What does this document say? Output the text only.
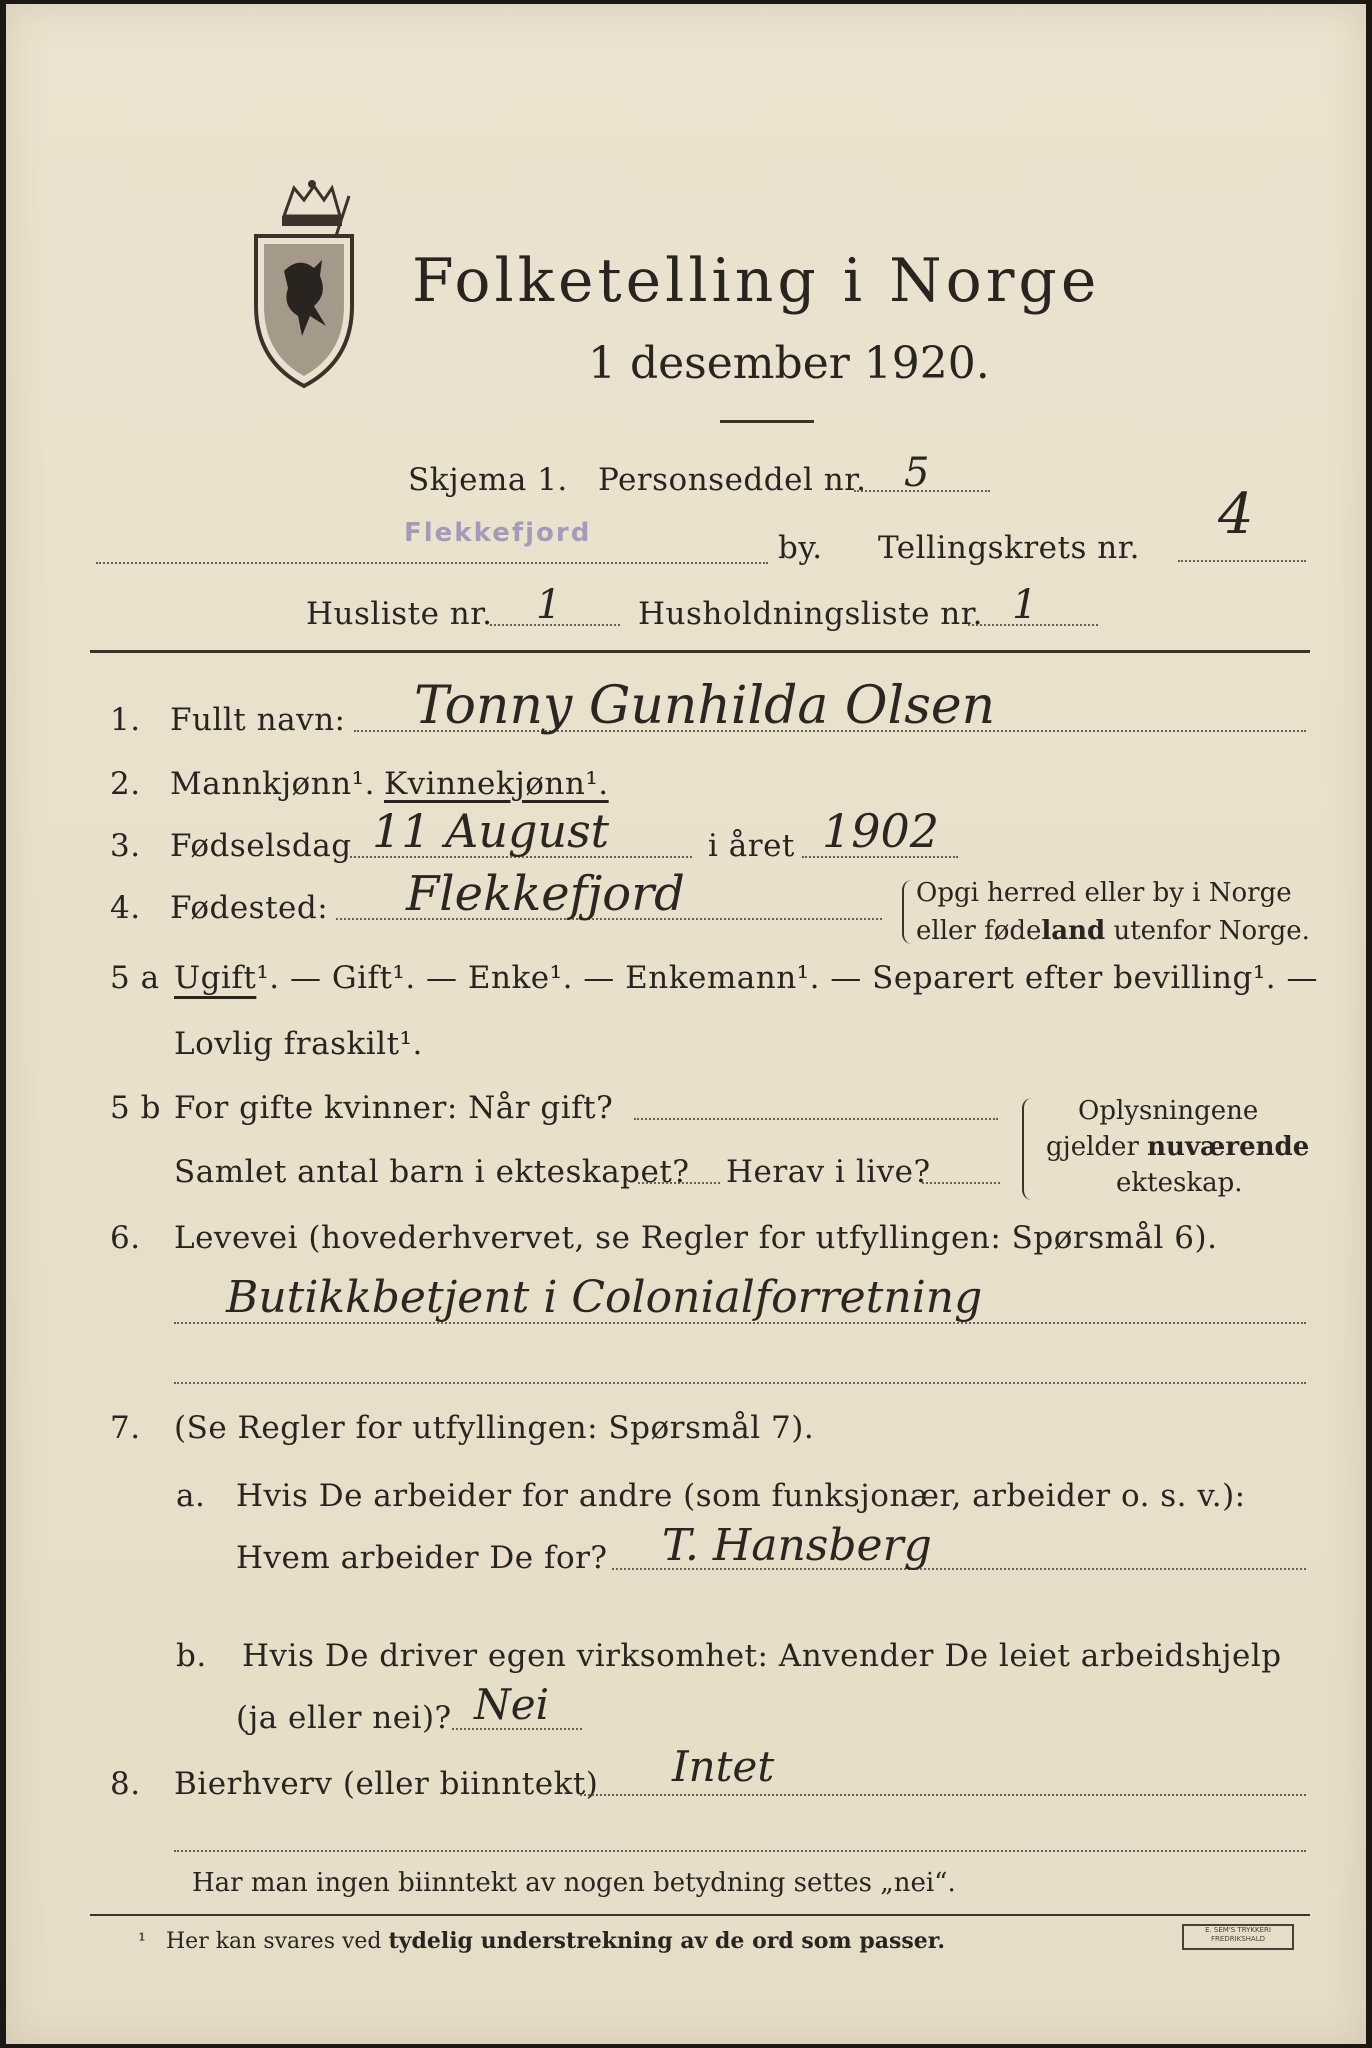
Folketelling i Norge
1 desember 1920.
Skjema 1. Personseddel nr. 5
Flekkefjord	by. Tellingskrets nr.
4
Husliste nr. 1 Husholdningsliste nr. 1
1. Fullt navn: Tonny Gunhilda Olsen
2. Mannkjønn¹. Kvinnekjønn¹.
3. Fødselsdag 11 August	i året 1902
4. Fødested: Flekkefjord	Opgi herred eller by i Norge
eller fødeland utenfor Norge.
5 a Ugift¹. — Gift¹. — Enke¹. — Enkemann¹. — Separert efter bevilling¹. —
Lovlig fraskilt¹.
5 b For gifte kvinner: Når gift?
Samlet antal barn i ekteskapet? Herav i live?
Oplysningene
gjelder nuværende
ekteskap.
6. Levevei (hovederhvervet, se Regler for utfyllingen: Spørsmål 6).
Butikkbetjent i Colonialforretning
7. (Se Regler for utfyllingen: Spørsmål 7).
a. Hvis De arbeider for andre (som funksjonær, arbeider o. s. v.):
Hvem arbeider De for? T. Hansberg
b. Hvis De driver egen virksomhet: Anvender De leiet arbeidshjelp
(ja eller nei)? Nei
8. Bierhverv (eller biinntekt) Intet
Har man ingen biinntekt av nogen betydning settes „nei“.
¹ Her kan svares ved tydelig understrekning av de ord som passer.	E. SEM'S TRYKKERI
FREDRIKSHALD
